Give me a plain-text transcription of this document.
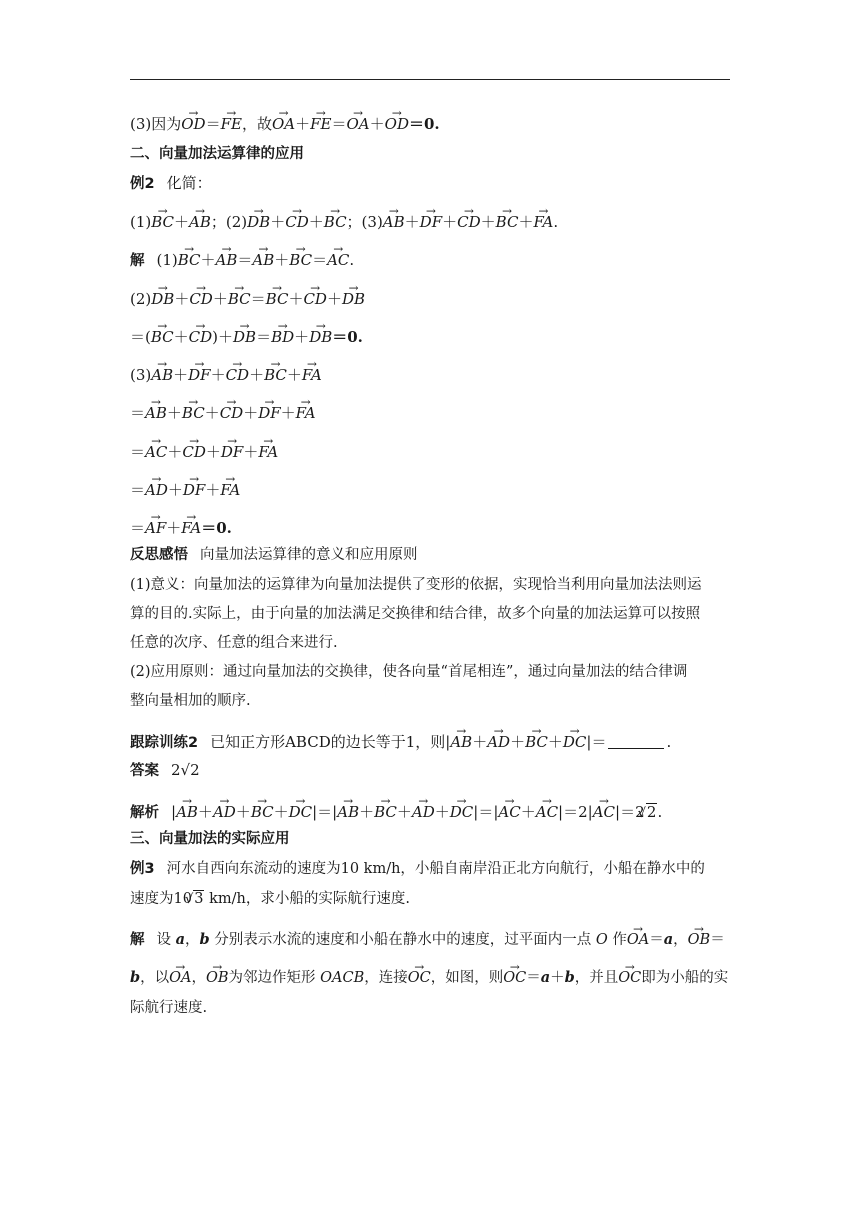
(3)因为OD →＝FE →，故OA →＋FE →＝OA →＋OD →＝0.
二、向量加法运算律的应用
例2 化简：
(1)BC →＋AB →；(2)DB →＋CD →＋BC →；(3)AB →＋DF →＋CD →＋BC →＋FA →.
解 (1)BC →＋AB →＝AB →＋BC →＝AC →.
(2)DB →＋CD →＋BC →＝BC →＋CD →＋DB →
＝(BC →＋CD →)＋DB →＝BD →＋DB →＝0.
(3)AB →＋DF →＋CD →＋BC →＋FA →
＝AB →＋BC →＋CD →＋DF →＋FA →
＝AC →＋CD →＋DF →＋FA →
＝AD →＋DF →＋FA →
＝AF →＋FA →＝0.
反思感悟 向量加法运算律的意义和应用原则
(1)意义：向量加法的运算律为向量加法提供了变形的依据，实现恰当利用向量加法法则运
算的目的.实际上，由于向量的加法满足交换律和结合律，故多个向量的加法运算可以按照
任意的次序、任意的组合来进行.
(2)应用原则：通过向量加法的交换律，使各向量“首尾相连”，通过向量加法的结合律调
整向量相加的顺序.
跟踪训练2 已知正方形ABCD的边长等于1，则|AB →＋AD →＋BC →＋DC →|＝	.
答案 2√2
解析 |AB →＋AD →＋BC →＋DC →|＝|AB →＋BC →＋AD →＋DC →|＝|AC →＋AC →|＝2|AC →|＝2 √ 2.
三、向量加法的实际应用
例3 河水自西向东流动的速度为10 km/h，小船自南岸沿正北方向航行，小船在静水中的
速度为10 √ 3 km/h，求小船的实际航行速度.
解 设 a，b 分别表示水流的速度和小船在静水中的速度，过平面内一点 O 作OA →＝a，OB →＝
b，以OA →，OB →为邻边作矩形 OACB，连接OC →，如图，则OC →＝a＋b，并且OC →即为小船的实
际航行速度.
